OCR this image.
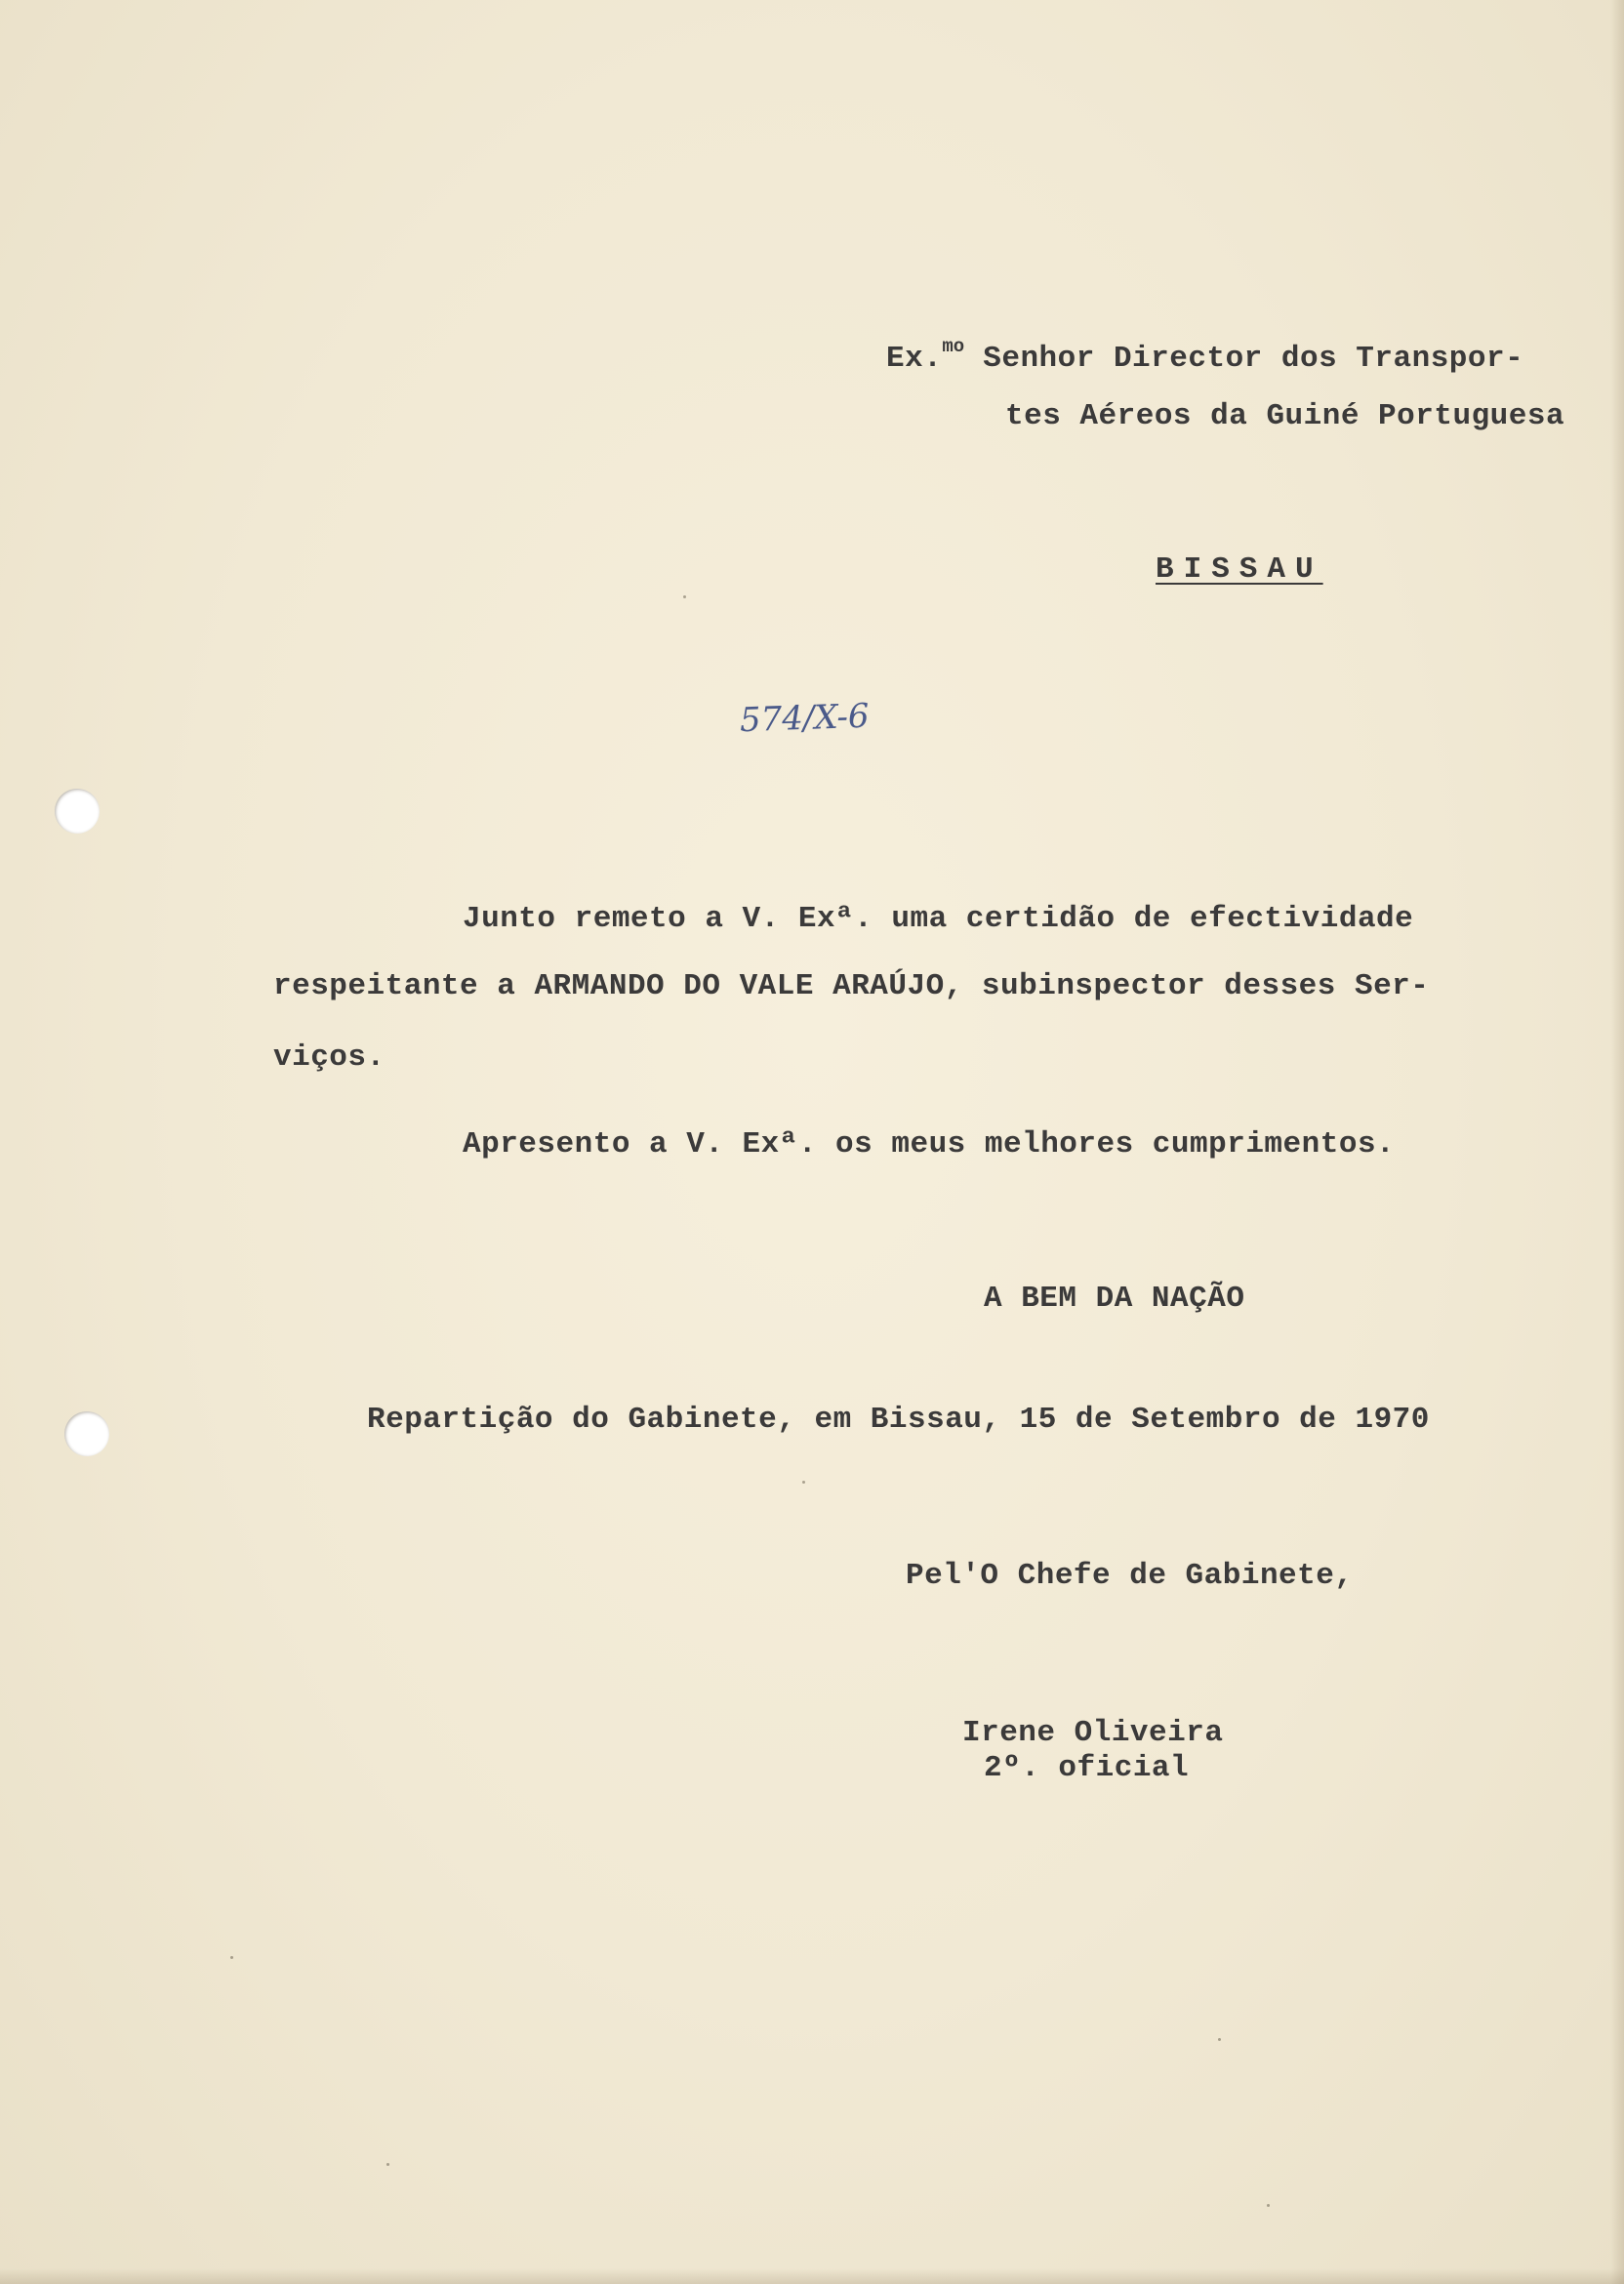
Ex.$^{mo}$ Senhor Director dos Transpor-

tes Aéreos da Guiné Portuguesa

BISSAU

574/X-6

Junto remeto a V. Exª. uma certidão de efectividade

respeitante a ARMANDO DO VALE ARAÚJO, subinspector desses Ser-

viços.

Apresento a V. Exª. os meus melhores cumprimentos.

A BEM DA NAÇÃO

Repartição do Gabinete, em Bissau, 15 de Setembro de 1970

Pel'O Chefe de Gabinete,

Irene Oliveira

2º. oficial
